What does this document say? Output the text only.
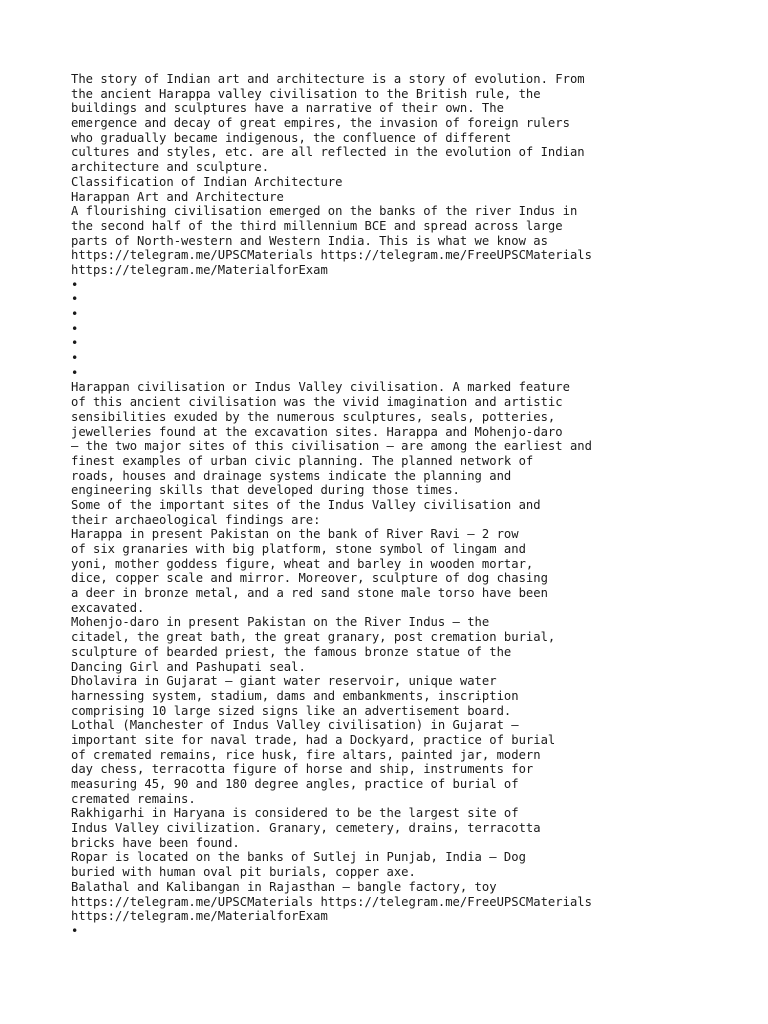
The story of Indian art and architecture is a story of evolution. From
the ancient Harappa valley civilisation to the British rule, the
buildings and sculptures have a narrative of their own. The
emergence and decay of great empires, the invasion of foreign rulers
who gradually became indigenous, the confluence of different
cultures and styles, etc. are all reflected in the evolution of Indian
architecture and sculpture.
Classification of Indian Architecture
Harappan Art and Architecture
A flourishing civilisation emerged on the banks of the river Indus in
the second half of the third millennium BCE and spread across large
parts of North-western and Western India. This is what we know as
https://telegram.me/UPSCMaterials https://telegram.me/FreeUPSCMaterials
https://telegram.me/MaterialforExam
•
•
•
•
•
•
•
Harappan civilisation or Indus Valley civilisation. A marked feature
of this ancient civilisation was the vivid imagination and artistic
sensibilities exuded by the numerous sculptures, seals, potteries,
jewelleries found at the excavation sites. Harappa and Mohenjo-daro
– the two major sites of this civilisation – are among the earliest and
finest examples of urban civic planning. The planned network of
roads, houses and drainage systems indicate the planning and
engineering skills that developed during those times.
Some of the important sites of the Indus Valley civilisation and
their archaeological findings are:
Harappa in present Pakistan on the bank of River Ravi – 2 row
of six granaries with big platform, stone symbol of lingam and
yoni, mother goddess figure, wheat and barley in wooden mortar,
dice, copper scale and mirror. Moreover, sculpture of dog chasing
a deer in bronze metal, and a red sand stone male torso have been
excavated.
Mohenjo-daro in present Pakistan on the River Indus – the
citadel, the great bath, the great granary, post cremation burial,
sculpture of bearded priest, the famous bronze statue of the
Dancing Girl and Pashupati seal.
Dholavira in Gujarat – giant water reservoir, unique water
harnessing system, stadium, dams and embankments, inscription
comprising 10 large sized signs like an advertisement board.
Lothal (Manchester of Indus Valley civilisation) in Gujarat –
important site for naval trade, had a Dockyard, practice of burial
of cremated remains, rice husk, fire altars, painted jar, modern
day chess, terracotta figure of horse and ship, instruments for
measuring 45, 90 and 180 degree angles, practice of burial of
cremated remains.
Rakhigarhi in Haryana is considered to be the largest site of
Indus Valley civilization. Granary, cemetery, drains, terracotta
bricks have been found.
Ropar is located on the banks of Sutlej in Punjab, India – Dog
buried with human oval pit burials, copper axe.
Balathal and Kalibangan in Rajasthan – bangle factory, toy
https://telegram.me/UPSCMaterials https://telegram.me/FreeUPSCMaterials
https://telegram.me/MaterialforExam
•
